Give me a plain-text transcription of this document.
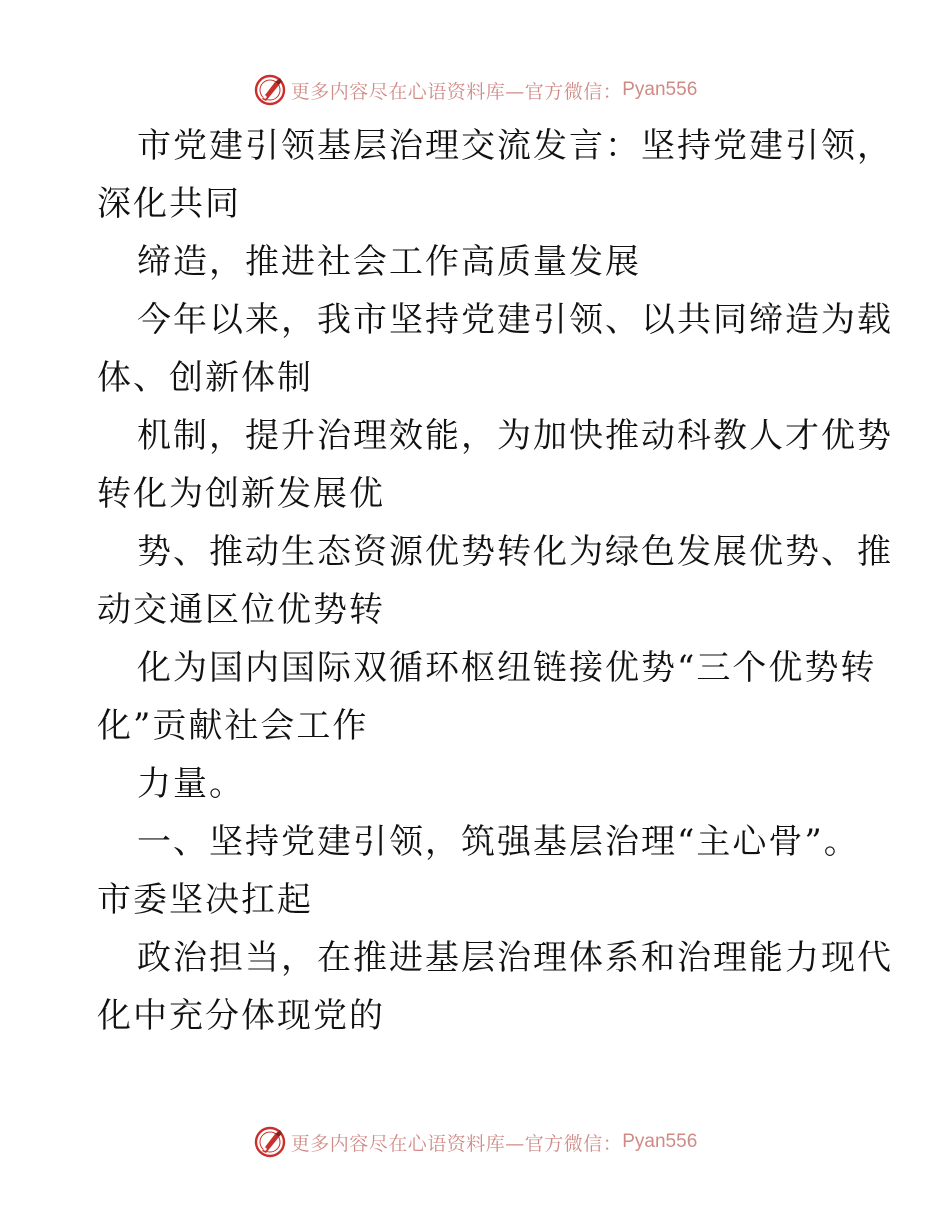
更多内容尽在心语资料库—官方微信： Pyan556
市党建引领基层治理交流发言：坚持党建引领，
深化共同
缔造，推进社会工作高质量发展
今年以来，我市坚持党建引领、以共同缔造为载
体、创新体制
机制，提升治理效能，为加快推动科教人才优势
转化为创新发展优
势、推动生态资源优势转化为绿色发展优势、推
动交通区位优势转
化为国内国际双循环枢纽链接优势“三个优势转
化”贡献社会工作
力量。
一、坚持党建引领，筑强基层治理“主心骨”。
市委坚决扛起
政治担当，在推进基层治理体系和治理能力现代
化中充分体现党的
更多内容尽在心语资料库—官方微信： Pyan556
